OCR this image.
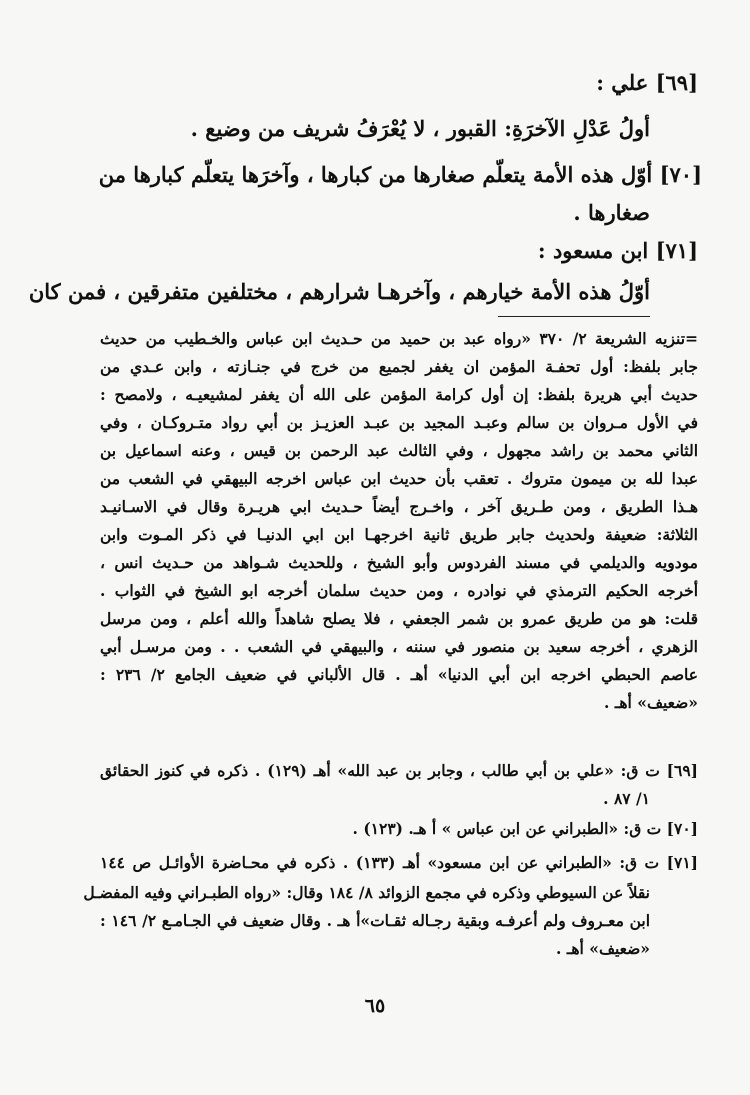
[٦٩] علي :
أولُ عَدْلِ الآخرَةِ: القبور ، لا يُعْرَفُ شريف من وضيع .
[٧٠] أوّل هذه الأمة يتعلّم صغارها من كبارها ، وآخرَها يتعلّم كبارها من
صغارها .
[٧١] ابن مسعود :
أوّلُ هذه الأمة خيارهم ، وآخرهـا شرارهم ، مختلفين متفرقين ، فمن كان
=تنزيه الشريعة ٢/ ٣٧٠ «رواه عبد بن حميد من حـديث ابن عباس والخـطيب من حديث
جابر بلفظ: أول تحفـة المؤمن ان يغفر لجميع من خرج في جنـازته ، وابن عـدي من
حديث أبي هريرة بلفظ: إن أول كرامة المؤمن على الله أن يغفر لمشيعيـه ، ولامصح :
في الأول مـروان بن سالم وعبـد المجيد بن عبـد العزيـز بن أبي رواد متـروكـان ، وفي
الثاني محمد بن راشد مجهول ، وفي الثالث عبد الرحمن بن قيس ، وعنه اسماعيل بن
عبدا لله بن ميمون متروك . تعقب بأن حديث ابن عباس اخرجه البيهقي في الشعب من
هـذا الطريق ، ومن طـريق آخر ، واخـرج أيضاً حـديث ابي هريـرة وقال في الاسـانيـد
الثلاثة: ضعيفة ولحديث جابر طريق ثانية اخرجهـا ابن ابي الدنيـا في ذكر المـوت وابن
مودويه والديلمي في مسند الفردوس وأبو الشيخ ، وللحديث شـواهد من حـديث انس ،
أخرجه الحكيم الترمذي في نوادره ، ومن حديث سلمان أخرجه ابو الشيخ في الثواب .
قلت: هو من طريق عمرو بن شمر الجعفي ، فلا يصلح شاهداً والله أعلم ، ومن مرسل
الزهري ، أخرجه سعيد بن منصور في سننه ، والبيهقي في الشعب . . ومن مرسـل أبي
عاصم الحبطي اخرجه ابن أبي الدنيا» أهـ . قال الألباني في ضعيف الجامع ٢/ ٢٣٦ :
«ضعيف» أهـ .
[٦٩] ت ق: «علي بن أبي طالب ، وجابر بن عبد الله» أهـ (١٢٩) . ذكره في كنوز الحقائق
١/ ٨٧ .
[٧٠] ت ق: «الطبراني عن ابن عباس » أ هـ. (١٢٣) .
[٧١] ت ق: «الطبراني عن ابن مسعود» أهـ (١٣٣) . ذكره في محـاضرة الأوائـل ص ١٤٤
نقلاً عن السيوطي وذكره في مجمع الزوائد ٨/ ١٨٤ وقال: «رواه الطبـراني وفيه المفضـل
ابن معـروف ولم أعرفـه وبقية رجـاله ثقـات»أ هـ . وقال ضعيف في الجـامـع ٢/ ١٤٦ :
«ضعيف» أهـ .
٦٥
